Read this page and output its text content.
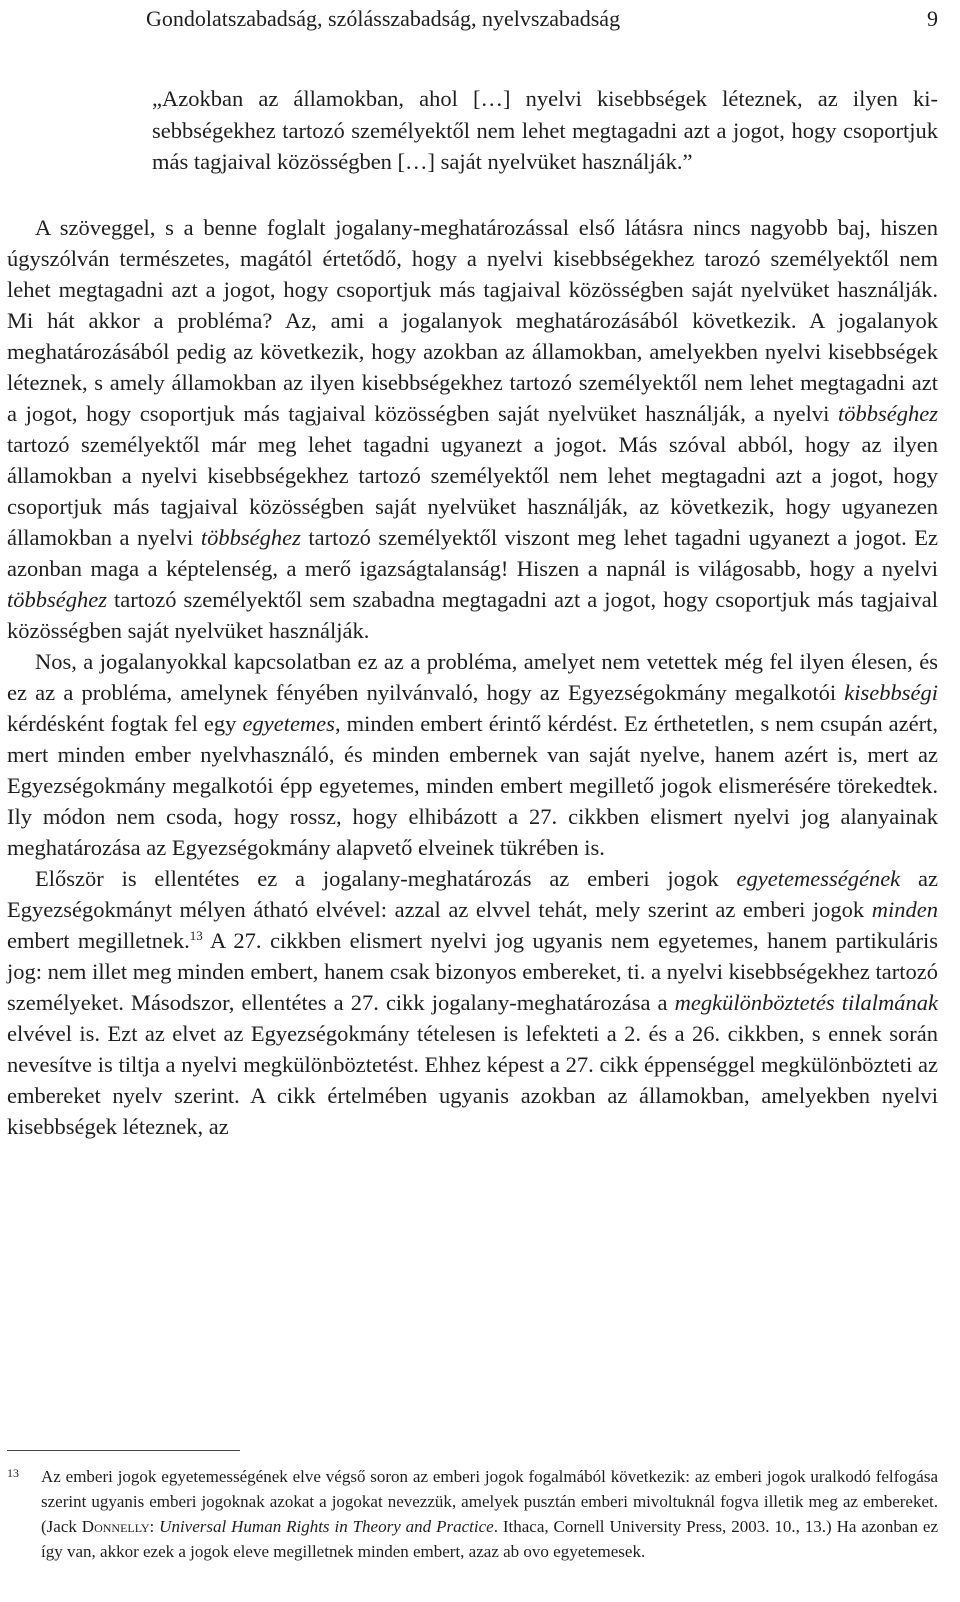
Gondolatszabadság, szólásszabadság, nyelvszabadság	9
„Azokban az államokban, ahol […] nyelvi kisebbségek léteznek, az ilyen kisebbségekhez tartozó személyektől nem lehet megtagadni azt a jogot, hogy csoportjuk más tagjaival közösségben […] saját nyelvüket használják.”

A szöveggel, s a benne foglalt jogalany-meghatározással első látásra nincs nagyobb baj, hiszen úgyszólván természetes, magától értetődő, hogy a nyelvi kisebbségekhez tarozó személyektől nem lehet megtagadni azt a jogot, hogy csoportjuk más tagjaival közösségben saját nyelvüket használják. Mi hát akkor a probléma? Az, ami a jogalanyok meghatározásából következik. A jogalanyok meghatározásából pedig az következik, hogy azokban az államokban, amelyekben nyelvi kisebbségek léteznek, s amely államokban az ilyen kisebbségekhez tartozó személyektől nem lehet megtagadni azt a jogot, hogy csoportjuk más tagjaival közösségben saját nyelvüket használják, a nyelvi többséghez tartozó személyektől már meg lehet tagadni ugyanezt a jogot. Más szóval abból, hogy az ilyen államokban a nyelvi kisebbségekhez tartozó személyektől nem lehet megtagadni azt a jogot, hogy csoportjuk más tagjaival közösségben saját nyelvüket használják, az következik, hogy ugyanezen államokban a nyelvi többséghez tartozó személyektől viszont meg lehet tagadni ugyanezt a jogot. Ez azonban maga a képtelenség, a merő igazságtalanság! Hiszen a napnál is világosabb, hogy a nyelvi többséghez tartozó személyektől sem szabadna megtagadni azt a jogot, hogy csoportjuk más tagjaival közösségben saját nyelvüket használják.

Nos, a jogalanyokkal kapcsolatban ez az a probléma, amelyet nem vetettek még fel ilyen élesen, és ez az a probléma, amelynek fényében nyilvánvaló, hogy az Egyezségokmány megalkotói kisebbségi kérdésként fogtak fel egy egyetemes, minden embert érintő kérdést. Ez érthetetlen, s nem csupán azért, mert minden ember nyelvhasználó, és minden embernek van saját nyelve, hanem azért is, mert az Egyezségokmány megalkotói épp egyetemes, minden embert megillető jogok elismerésére törekedtek. Ily módon nem csoda, hogy rossz, hogy elhibázott a 27. cikkben elismert nyelvi jog alanyainak meghatározása az Egyezségokmány alapvető elveinek tükrében is.

Először is ellentétes ez a jogalany-meghatározás az emberi jogok egyetemességének az Egyezségokmányt mélyen átható elvével: azzal az elvvel tehát, mely szerint az emberi jogok minden embert megilletnek.$^{13}$ A 27. cikkben elismert nyelvi jog ugyanis nem egyetemes, hanem partikuláris jog: nem illet meg minden embert, hanem csak bizonyos embereket, ti. a nyelvi kisebbségekhez tartozó személyeket. Másodszor, ellentétes a 27. cikk jogalany-meghatározása a megkülönböztetés tilalmának elvével is. Ezt az elvet az Egyezségokmány tételesen is lefekteti a 2. és a 26. cikkben, s ennek során nevesítve is tiltja a nyelvi megkülönböztetést. Ehhez képest a 27. cikk éppenséggel megkülönbözteti az embereket nyelv szerint. A cikk értelmében ugyanis azokban az államokban, amelyekben nyelvi kisebbségek léteznek, az

13 Az emberi jogok egyetemességének elve végső soron az emberi jogok fogalmából következik: az emberi jogok uralkodó felfogása szerint ugyanis emberi jogoknak azokat a jogokat nevezzük, amelyek pusztán emberi mivoltuknál fogva illetik meg az embereket. (Jack Donnelly: Universal Human Rights in Theory and Practice. Ithaca, Cornell University Press, 2003. 10., 13.) Ha azonban ez így van, akkor ezek a jogok eleve megilletnek minden embert, azaz ab ovo egyetemesek.
